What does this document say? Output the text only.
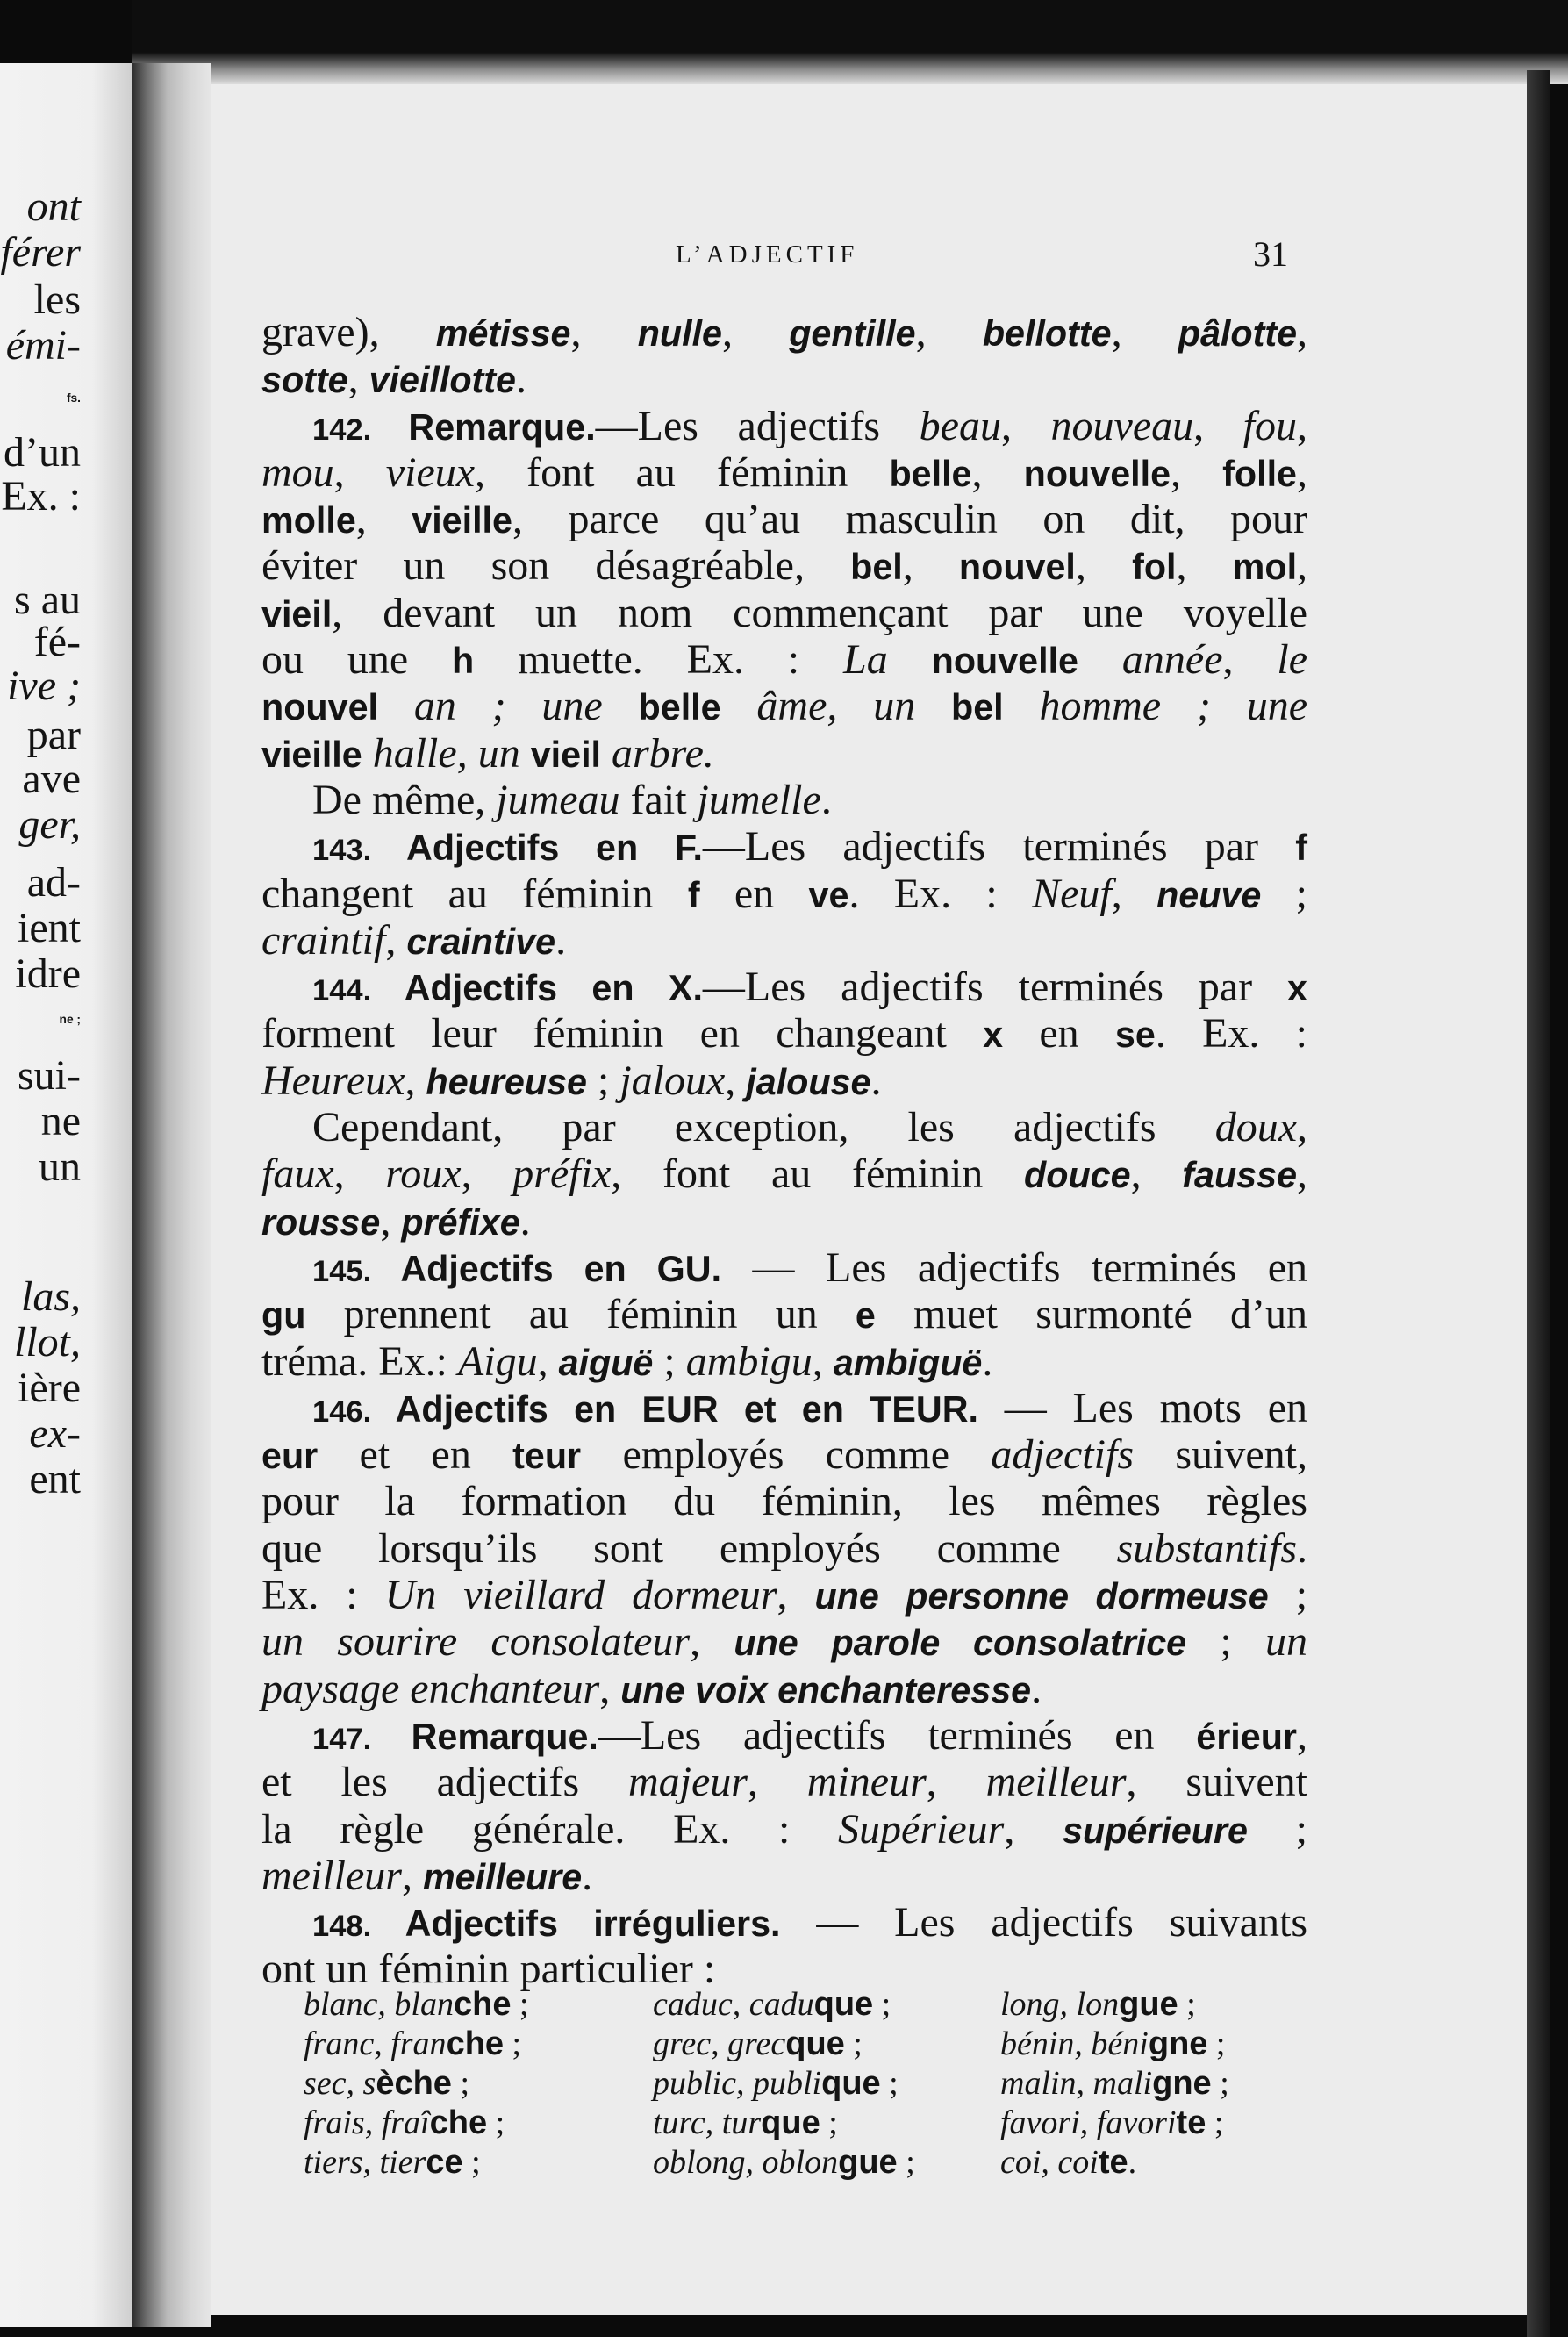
ont
férer
les
émi-
fs.
d’un
Ex. :
s au
fé-
ive ;
par
ave
ger,
ad-
ient
idre
ne ;
sui-
ne
un
las,
llot,
ière
ex-
ent
L’ADJECTIF	31
grave), métisse, nulle, gentille, bellotte, pâlotte,
sotte, vieillotte.
142. Remarque.—Les adjectifs beau, nouveau, fou,
mou, vieux, font au féminin belle, nouvelle, folle,
molle, vieille, parce qu’au masculin on dit, pour
éviter un son désagréable, bel, nouvel, fol, mol,
vieil, devant un nom commençant par une voyelle
ou une h muette. Ex. : La nouvelle année, le
nouvel an ; une belle âme, un bel homme ; une
vieille halle, un vieil arbre.
De même, jumeau fait jumelle.
143. Adjectifs en F.—Les adjectifs terminés par f
changent au féminin f en ve. Ex. : Neuf, neuve ;
craintif, craintive.
144. Adjectifs en X.—Les adjectifs terminés par x
forment leur féminin en changeant x en se. Ex. :
Heureux, heureuse ; jaloux, jalouse.
Cependant, par exception, les adjectifs doux,
faux, roux, préfix, font au féminin douce, fausse,
rousse, préfixe.
145. Adjectifs en GU. — Les adjectifs terminés en
gu prennent au féminin un e muet surmonté d’un
tréma. Ex.: Aigu, aiguë ; ambigu, ambiguë.
146. Adjectifs en EUR et en TEUR. — Les mots en
eur et en teur employés comme adjectifs suivent,
pour la formation du féminin, les mêmes règles
que lorsqu’ils sont employés comme substantifs.
Ex. : Un vieillard dormeur, une personne dormeuse ;
un sourire consolateur, une parole consolatrice ; un
paysage enchanteur, une voix enchanteresse.
147. Remarque.—Les adjectifs terminés en érieur,
et les adjectifs majeur, mineur, meilleur, suivent
la règle générale. Ex. : Supérieur, supérieure ;
meilleur, meilleure.
148. Adjectifs irréguliers. — Les adjectifs suivants
ont un féminin particulier :
blanc, blanche ;
franc, franche ;
sec, sèche ;
frais, fraîche ;
tiers, tierce ;
caduc, caduque ;
grec, grecque ;
public, publique ;
turc, turque ;
oblong, oblongue ;
long, longue ;
bénin, bénigne ;
malin, maligne ;
favori, favorite ;
coi, coite.
